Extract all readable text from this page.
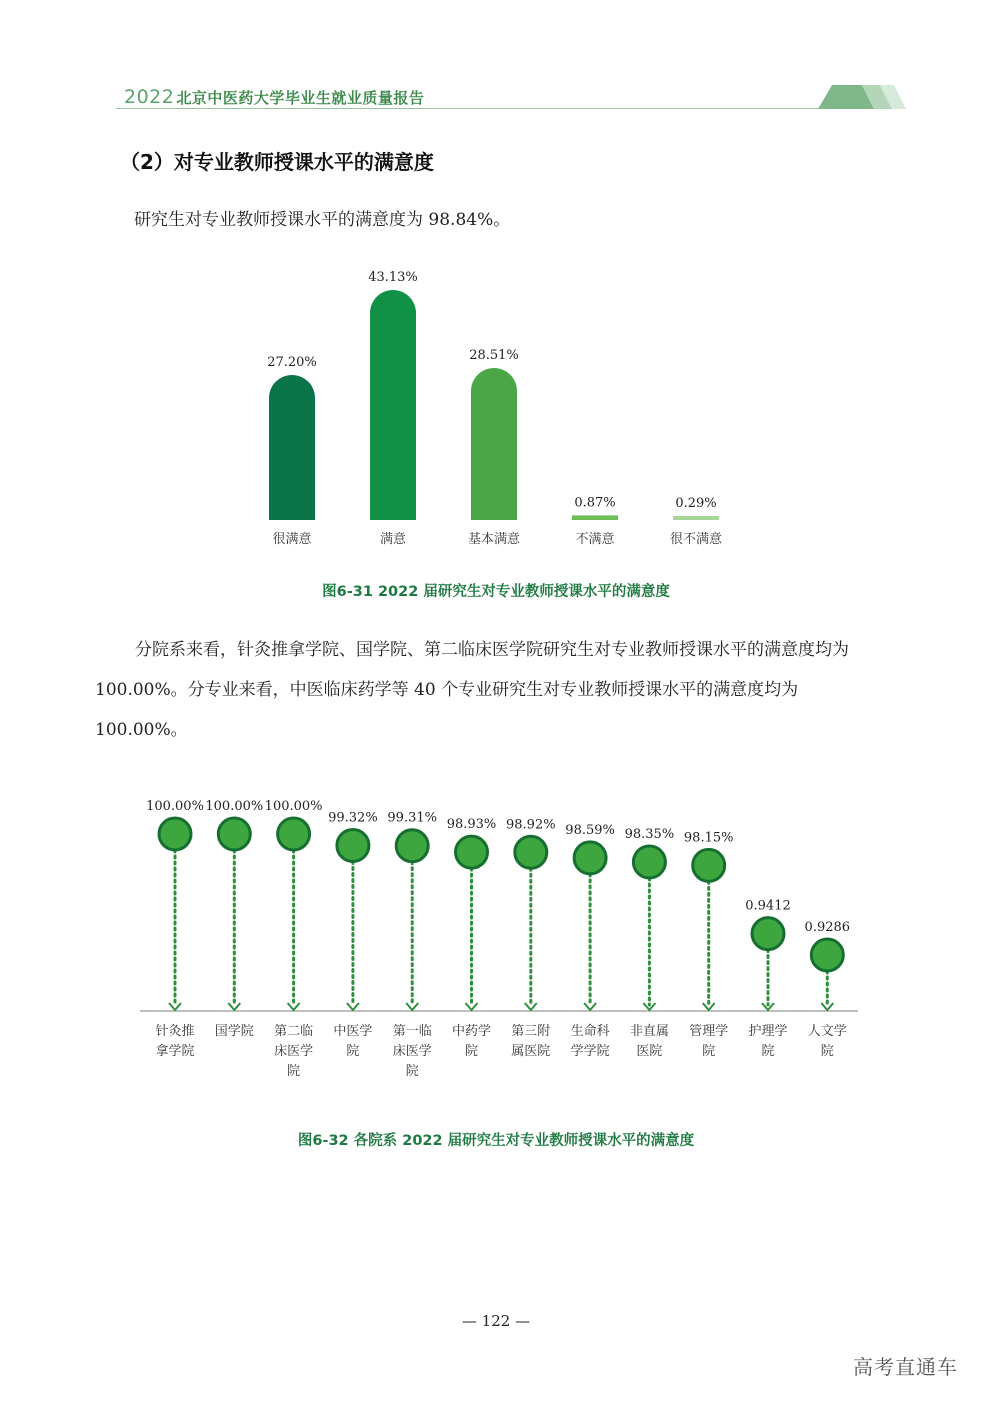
2022 北京中医药大学毕业生就业质量报告
（2）对专业教师授课水平的满意度
研究生对专业教师授课水平的满意度为 98.84%。
27.20%
很满意
43.13%
满意
28.51%
基本满意
0.87%
不满意
0.29%
很不满意
图6-31 2022 届研究生对专业教师授课水平的满意度
分院系来看，针灸推拿学院、国学院、第二临床医学院研究生对专业教师授课水平的满意度均为 100.00%。分专业来看，中医临床药学等 40 个专业研究生对专业教师授课水平的满意度均为 100.00%。
100.00%
针灸推拿学院
100.00%
国学院
100.00%
第二临床医学院
99.32%
中医学院
99.31%
第一临床医学院
98.93%
中药学院
98.92%
第三附属医院
98.59%
生命科学学院
98.35%
非直属医院
98.15%
管理学院
0.9412
护理学院
0.9286
人文学院
图6-32 各院系 2022 届研究生对专业教师授课水平的满意度
— 122 —
高考直通车
